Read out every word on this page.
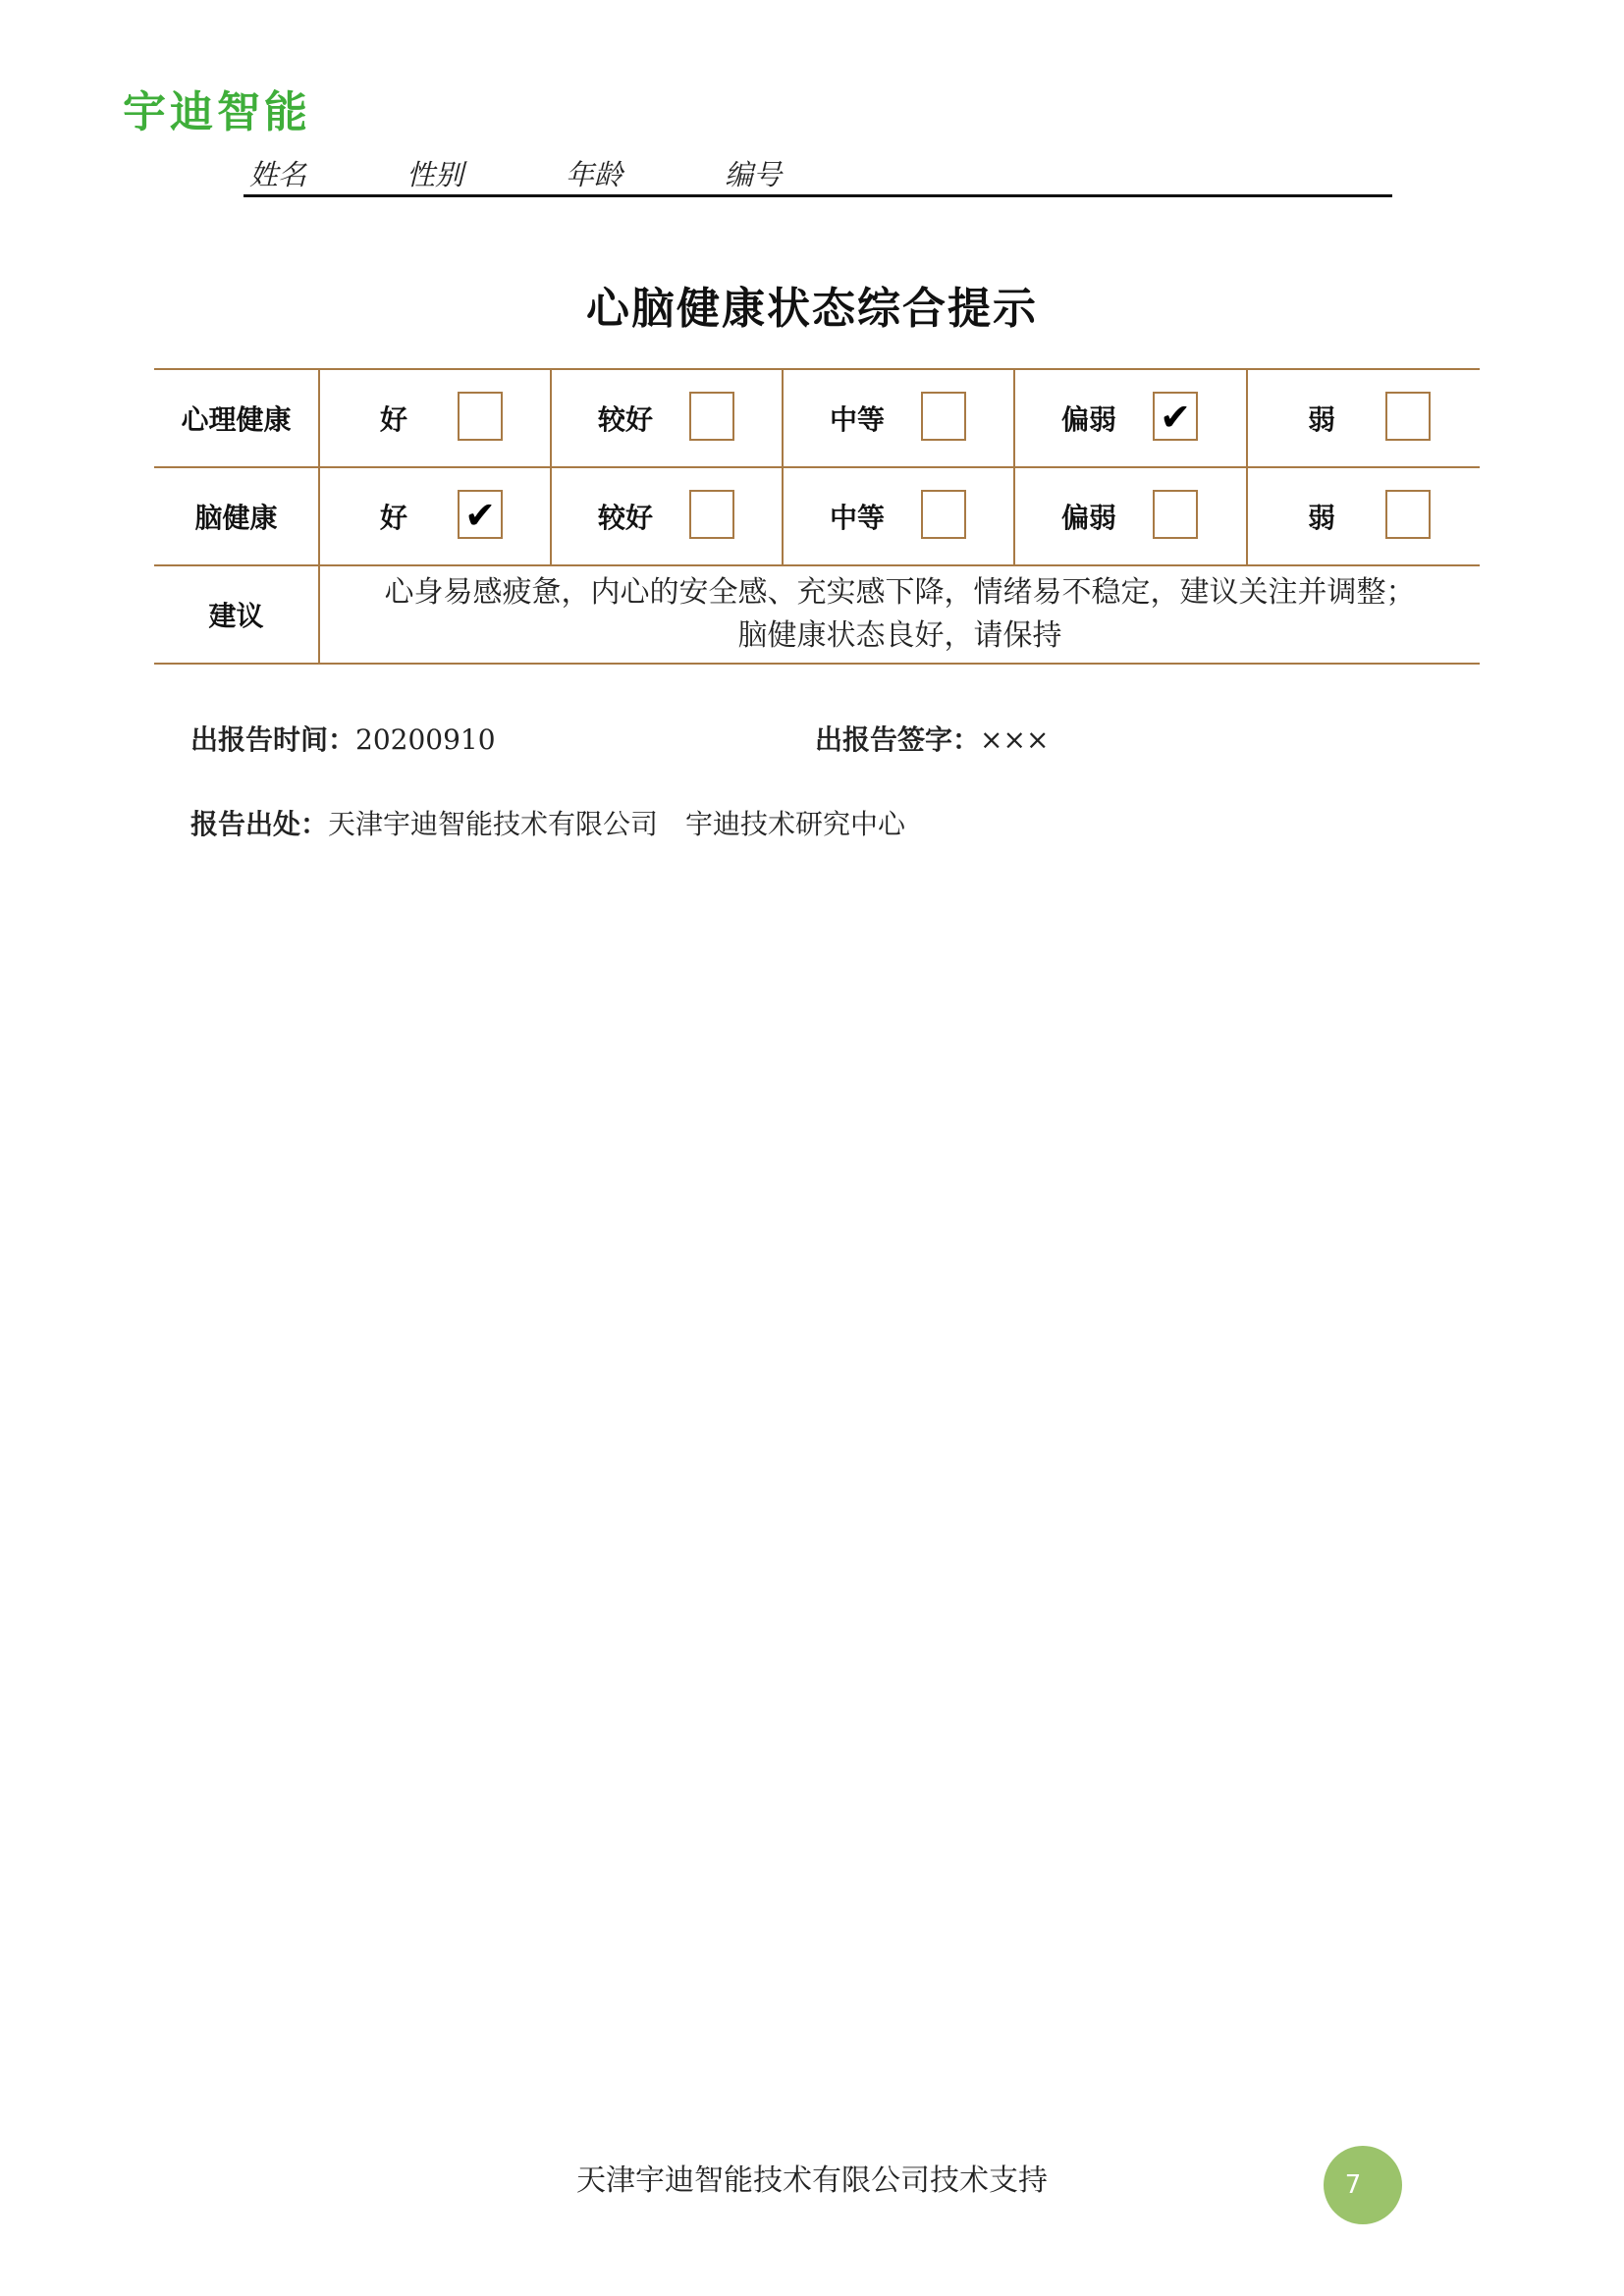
宇迪智能
姓名	性别	年龄	编号
心脑健康状态综合提示
心理健康	好	较好	中等	偏弱 ✔	弱

脑健康	好 ✔	较好	中等	偏弱	弱

建议	心身易感疲惫，内心的安全感、充实感下降，情绪易不稳定，建议关注并调整；
脑健康状态良好，请保持				
出报告时间：20200910	出报告签字：×××
报告出处：天津宇迪智能技术有限公司　宇迪技术研究中心
天津宇迪智能技术有限公司技术支持	7
